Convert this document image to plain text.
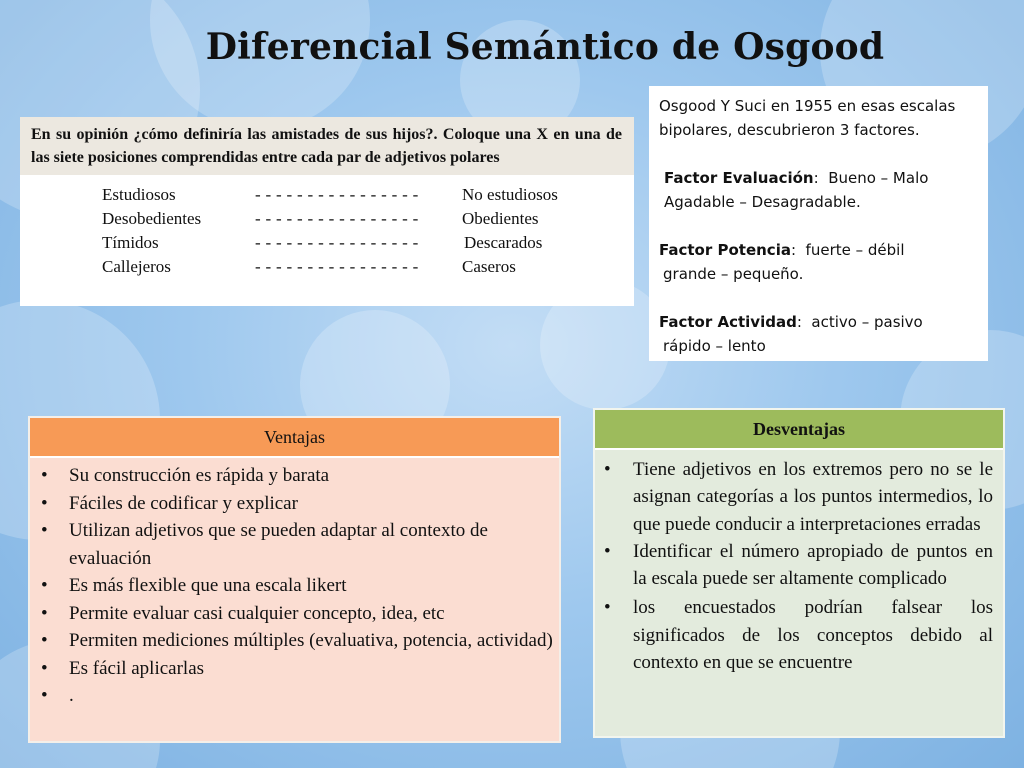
Diferencial Semántico de Osgood
En su opinión ¿cómo definiría las amistades de sus hijos?. Coloque una X en una de las siete posiciones comprendidas entre cada par de adjetivos polares
Estudiosos	- - - - - - - - - - - - - - - -	No estudiosos
Desobedientes	- - - - - - - - - - - - - - - -	Obedientes
Tímidos	- - - - - - - - - - - - - - - -	Descarados
Callejeros	- - - - - - - - - - - - - - - -	Caseros

Osgood Y Suci en 1955 en esas escalas

bipolares, descubrieron 3 factores.

Factor Evaluación:  Bueno – Malo

Agadable – Desagradable.

Factor Potencia:  fuerte – débil

grande – pequeño.

Factor Actividad:  activo – pasivo

rápido – lento

Ventajas
• Su construcción es rápida y barata
• Fáciles de codificar y explicar
• Utilizan adjetivos que se pueden adaptar al contexto de evaluación
• Es más flexible que una escala likert
• Permite evaluar casi cualquier concepto, idea, etc
• Permiten mediciones múltiples (evaluativa, potencia, actividad)
• Es fácil aplicarlas
• .
Desventajas
• Tiene adjetivos en los extremos pero no se le asignan categorías a los puntos intermedios, lo que puede conducir a interpretaciones erradas
• Identificar el número apropiado de puntos en la escala puede ser altamente complicado
• los encuestados podrían falsear los significados de los conceptos debido al contexto en que se encuentre
